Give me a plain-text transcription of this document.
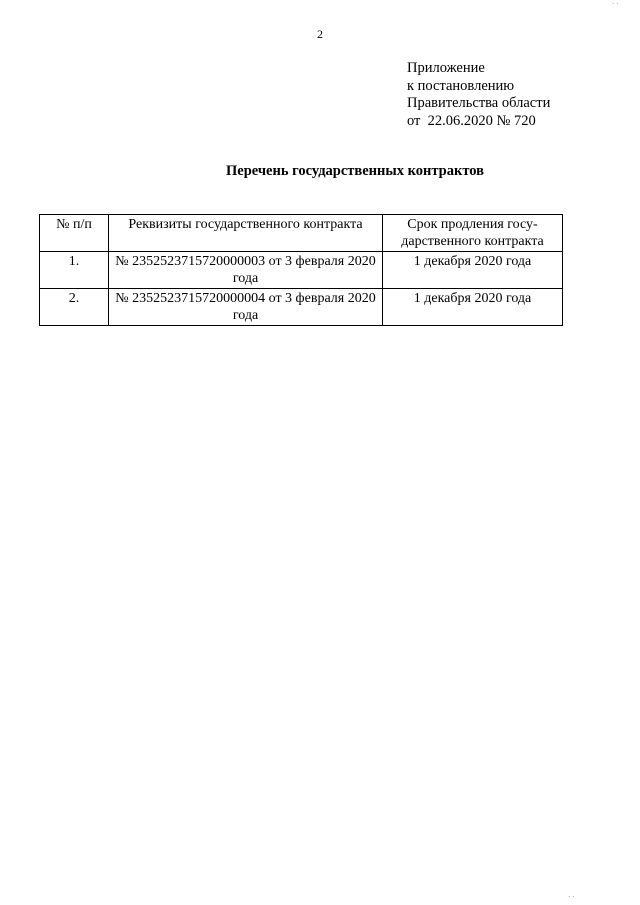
2
Приложение
к постановлению
Правительства области
от  22.06.2020 № 720
Перечень государственных контрактов
№ п/п	Реквизиты государственного контракта	Срок продления госу-дарственного контракта
1.	№ 2352523715720000003 от 3 февраля 2020 года	1 декабря 2020 года
2.	№ 2352523715720000004 от 3 февраля 2020 года	1 декабря 2020 года
· ·
· ·
